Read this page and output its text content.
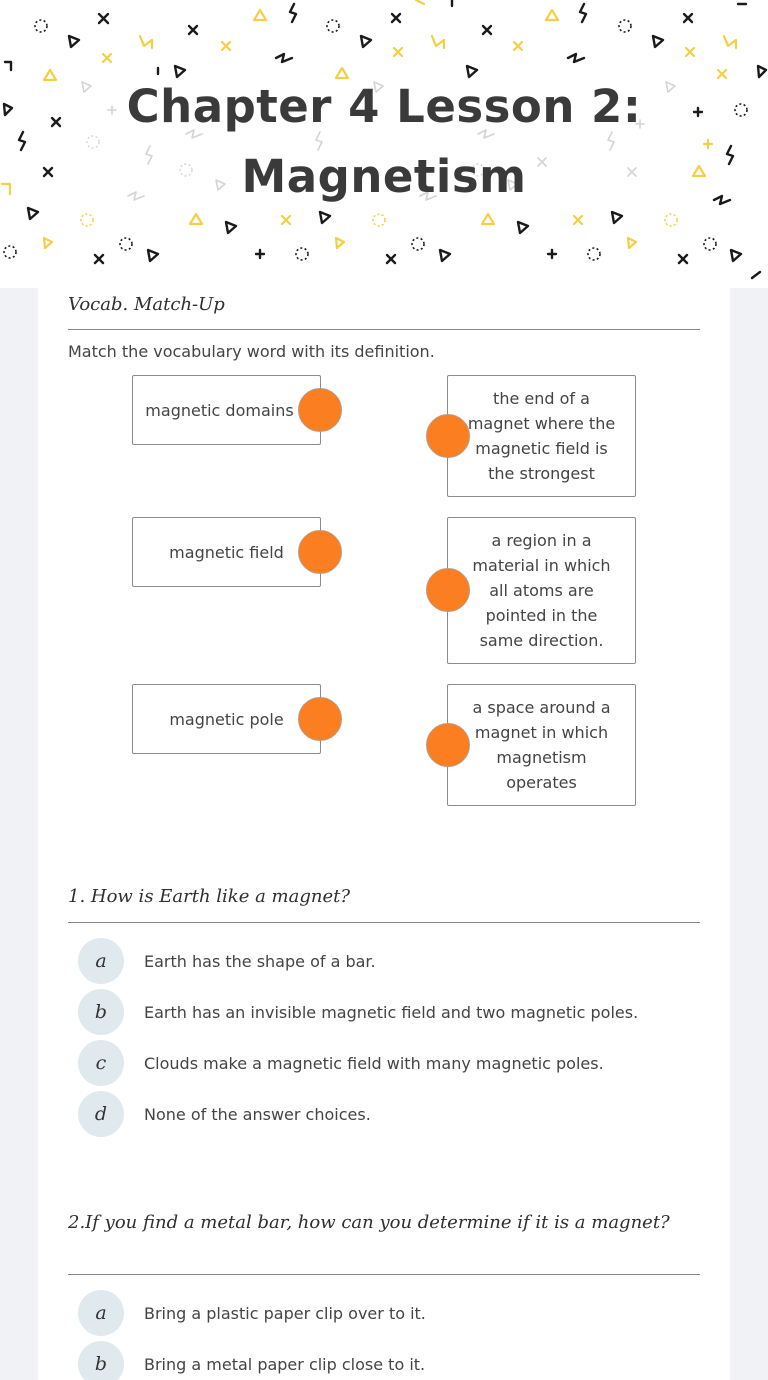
Chapter 4 Lesson 2:
Magnetism
Vocab. Match-Up
Match the vocabulary word with its definition.
magnetic domains
magnetic field
magnetic pole
the end of a magnet where the magnetic field is the strongest
a region in a material in which all atoms are pointed in the same direction.
a space around a magnet in which magnetism operates
1. How is Earth like a magnet?
a	Earth has the shape of a bar.
b	Earth has an invisible magnetic field and two magnetic poles.
c	Clouds make a magnetic field with many magnetic poles.
d	None of the answer choices.
2.If you find a metal bar, how can you determine if it is a magnet?
a	Bring a plastic paper clip over to it.
b	Bring a metal paper clip close to it.
